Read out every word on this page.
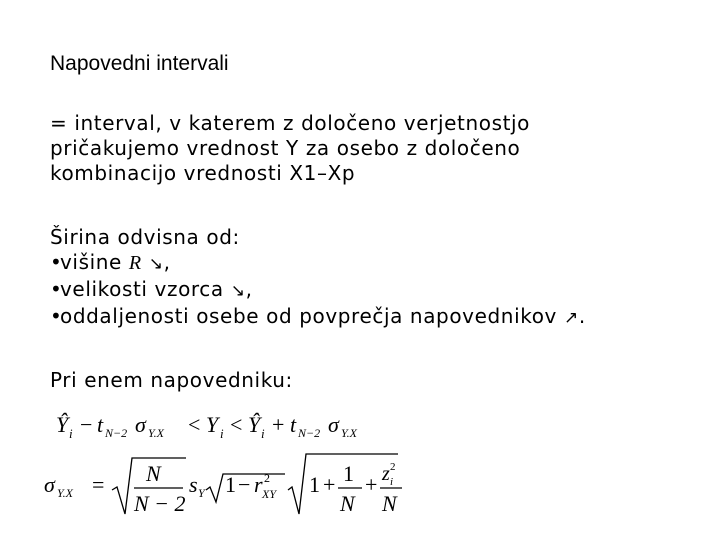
Napovedni intervali
= interval, v katerem z določeno verjetnostjo
pričakujemo vrednost Y za osebo z določeno
kombinacijo vrednosti X1–Xp
Širina odvisna od:
•višine R ↘,
•velikosti vzorca ↘,
•oddaljenosti osebe od povprečja napovednikov ↗.
Pri enem napovedniku:
Ŷ i − t N−2 σ Y.X < Y i < Ŷ i + t N−2 σ Y.X
σ Y.X = N
N − 2
s Y 1 − r 2
XY 1 + 1
N
+ z 2
i
N
